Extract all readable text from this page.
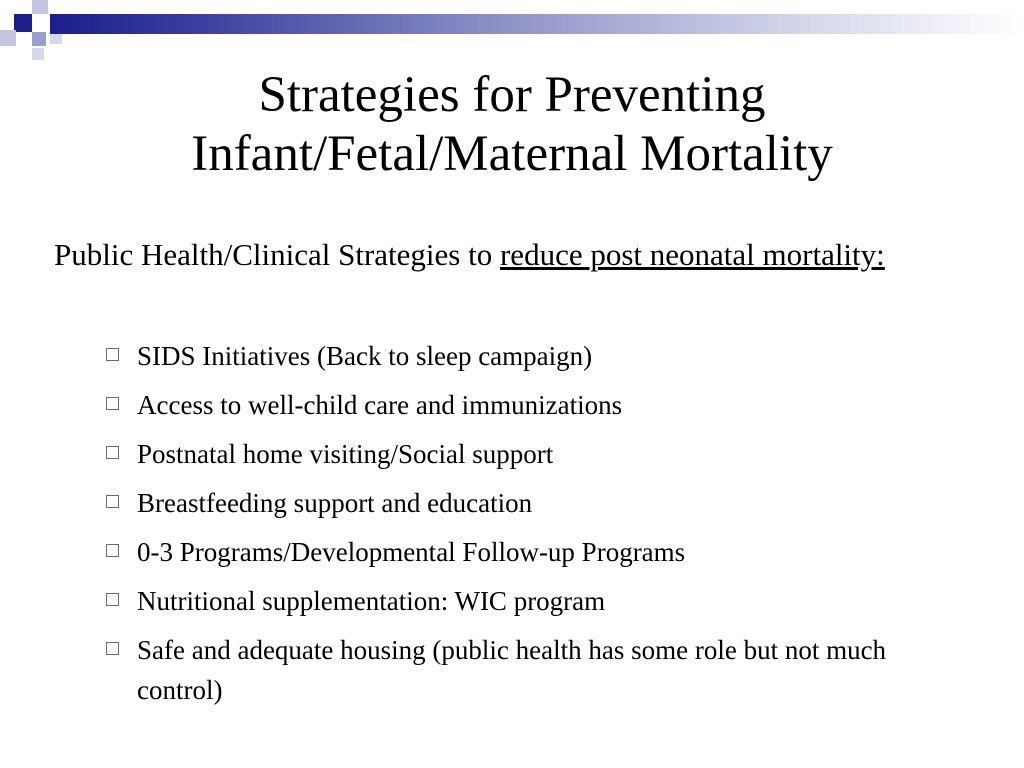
Strategies for Preventing
Infant/Fetal/Maternal Mortality

Public Health/Clinical Strategies to reduce post neonatal mortality:

SIDS Initiatives (Back to sleep campaign)
Access to well-child care and immunizations
Postnatal home visiting/Social support
Breastfeeding support and education
0-3 Programs/Developmental Follow-up Programs
Nutritional supplementation: WIC program
Safe and adequate housing (public health has some role but not much control)
